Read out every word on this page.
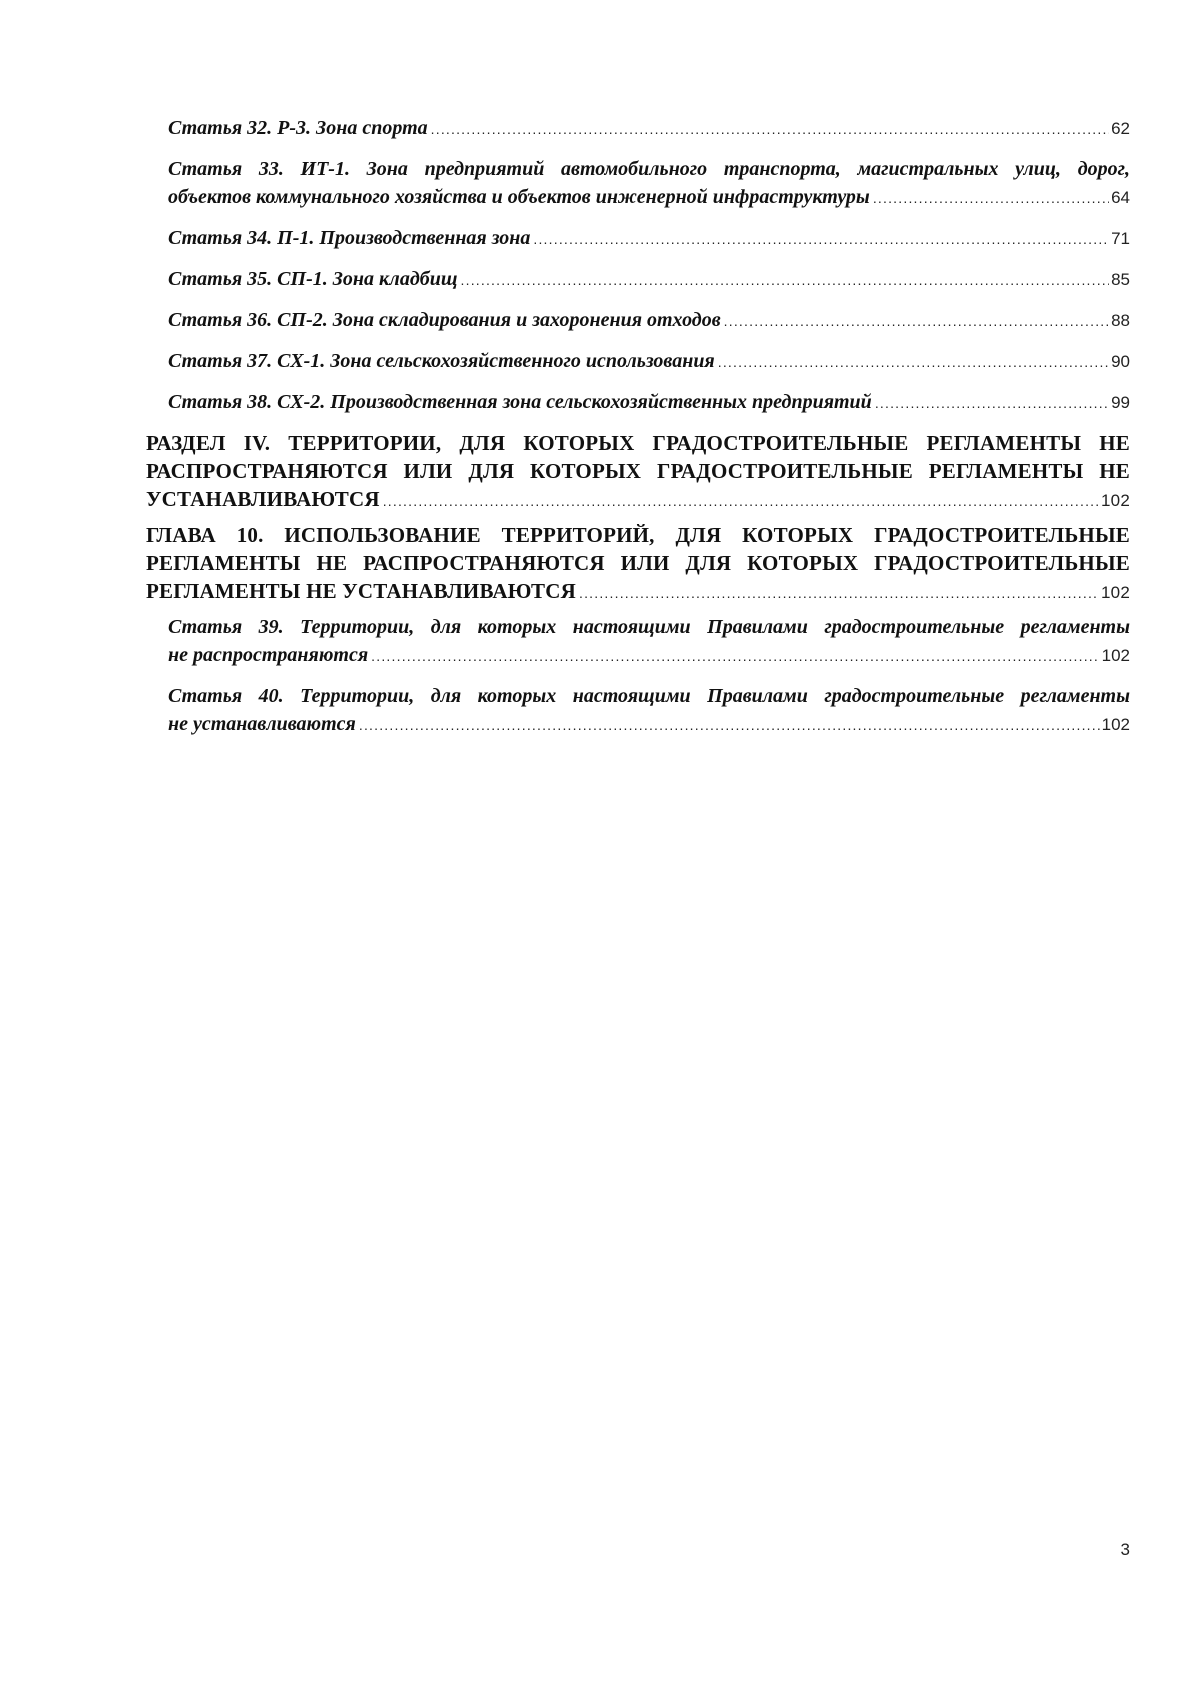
Статья 32. Р-3. Зона спорта .....	62
Статья 33. ИТ-1. Зона предприятий автомобильного транспорта, магистральных улиц, дорог,
объектов коммунального хозяйства и объектов инженерной инфраструктуры .....	64
Статья 34. П-1. Производственная зона .....	71
Статья 35. СП-1. Зона кладбищ .....	85
Статья 36. СП-2. Зона складирования и захоронения отходов .....	88
Статья 37. СХ-1. Зона сельскохозяйственного использования .....	90
Статья 38. СХ-2. Производственная зона сельскохозяйственных предприятий .....	99
РАЗДЕЛ IV. ТЕРРИТОРИИ, ДЛЯ КОТОРЫХ ГРАДОСТРОИТЕЛЬНЫЕ РЕГЛАМЕНТЫ НЕ
РАСПРОСТРАНЯЮТСЯ ИЛИ ДЛЯ КОТОРЫХ ГРАДОСТРОИТЕЛЬНЫЕ РЕГЛАМЕНТЫ НЕ
УСТАНАВЛИВАЮТСЯ .....	102
ГЛАВА 10. ИСПОЛЬЗОВАНИЕ ТЕРРИТОРИЙ, ДЛЯ КОТОРЫХ ГРАДОСТРОИТЕЛЬНЫЕ
РЕГЛАМЕНТЫ НЕ РАСПРОСТРАНЯЮТСЯ ИЛИ ДЛЯ КОТОРЫХ ГРАДОСТРОИТЕЛЬНЫЕ
РЕГЛАМЕНТЫ НЕ УСТАНАВЛИВАЮТСЯ .....	102
Статья 39. Территории, для которых настоящими Правилами градостроительные регламенты
не распространяются .....	102
Статья 40. Территории, для которых настоящими Правилами градостроительные регламенты
не устанавливаются .....	102
3
